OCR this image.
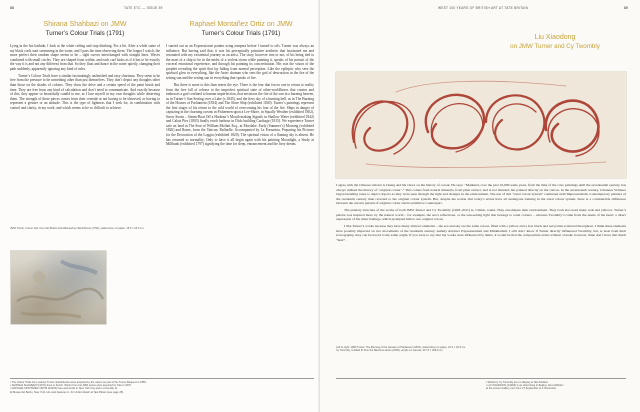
88	TATE ETC — ISSUE 59
Shirana Shahbazi on JMW
Turner’s Colour Trials (1791)

Lying in the hot bathtub, I look at the white ceiling and stop thinking. For a bit. After a while some of my black curls start swimming in the water, and I pass the time observing them. The longer I watch, the more perfect their random shape seems to be – tight curves interchanged with straight lines. Waves combined with small circles. They are shaped from within, and each curl looks as if it has to be exactly the way it is and not any different from that. So they float and dance in the water quietly, changing their path suddenly, apparently ignoring any kind of rules.

Turner’s Colour Trials have a similar fascinatingly unfinished and easy charisma. They seem to be free from the pressure to be something other than just themselves. They don’t depict any thoughts other than those on the shades of colours. They show the drive and a certain speed of the paint brush and time. They are free from any kind of calculation and don’t need to communicate. And exactly because of this, they appear so beautifully candid to me, as I lose myself in my own thoughts while observing them. The strength of these pieces comes from their centrale at not having to be observed, or having to represent a gesture or an attitude. This is the type of lightness that I seek for, in combination with control and clarity, in my work, and which seems to be so difficult to achieve.

JMW Turner, Colour trial, from the Bristol and Malmesbury Sketchbook (1791), watercolour on paper, 16.5 × 28.3 cm
Raphael Montañez Ortiz on JMW
Turner’s Colour Trials (1791)

I started out as an Expressionist painter using tempera before I turned to oils. Turner was always an influence. But having said that, it was his perceptually primitive aesthetic that fascinated me and resonated with my existential journey as an artist. The story, however true or not, of his being tied to the mast of a ship to be in the midst of a violent storm while painting it, speaks of his pursuit of the visceral emotional experience, and through his painting its concretisation. His was the vision of the prophet revealing the spirit that lay hiding from normal perception. Like the epileptic who sees the spiritual glow in everything, like the Aztec shaman who sees the god of destruction in the fire of the setting sun and the setting sun in everything that speaks of fire.

But there is more to this than meets the eye. There is the fear that forces one to return to reality from the free fall of release to the imperfect spiritual state of other-worldliness that creates and embraces a god confined to human imperfection, that envisions the fire of the sun in a burning heaven, as in Turner’s Sun Setting over a Lake (c.1845), and the fiery sky of a burning hell, as in The Burning of the Houses of Parliament (1834) and The Slave Ship (exhibited 1840). Turner’s paintings represent the first stages of his return to the cold world of overcoming his fear of the fire. Ships in danger of capsizing in the churning oceans in Fishermen upon a Lee-Shore, in Squally Weather (exhibited 1802), Snow Storm – Steam-Boat Off a Harbour’s Mouth making Signals in Shallow Water (exhibited 1842) and Calais Pier (1803) finally reach harbour in Dido building Carthage (1815). We experience Turner safe on land in The Seat of William Moffatt Esq., at Mortlake. Early (Summer’s) Morning (exhibited 1826) and Rome, from the Vatican. Raffaelle, Accompanied by La Fornarina, Preparing his Pictures for the Decoration of the Loggia (exhibited 1820). The spiritual vision of a flaming sky is absent. He has returned to normality. Only to have it all begin again with his painting Moonlight, a Study at Millbank (exhibited 1797) signifying the time for sleep, entrancement and the fiery dream.

• The Colour Trials from various Turner sketchbooks were acquired by the nation as part of the Turner Bequest in 1856.
• SHIRANA SHAHBAZI (b1974) lives in Zurich. Works from her ARR series were acquired by Tate in 2007.
• RAPHAEL MONTAÑEZ ORTIZ (b1934) lives and works in New York City and is a founder of
El Museo del Barrio, New York. His work features in ‘Art Under Attack’ at Tate Britain (see page 45).
WEST 100 YEARS OF BRITISH ART AT TATE BRITAIN	89
Liu Xiaodong
on JMW Turner and Cy Twombly

I agree with the Chinese scholar A Cheng and his views on the history of colour. He says: “Mankind, over the past 10,000 some years, from the time of the cave paintings until the seventeenth century, has always utilised the history of ‘original colour’.” This comes from natural minerals, from plant extract, and is not blended, but painted directly on the canvas. In the seventeenth century, Johannes Vermeer began blending tones to depict objects as they were seen through the light and changes in the environment. The use of this “tonal colour system” continued until Impressionism. Contemporary painters of the twentieth century then reverted to the original colour system. But, despite the notion that today’s artists have all undergone training in the tonal colour system, there is a considerable difference between the current pursuit of original colour and its primitive counterpart.

The primary structure of the works of both JMW Turner and Cy Twombly (1928–2011) is, I think, round. They encompass their environment. They both also used many reds and yellows. Turner’s palette was inspired more by the natural world – for example, the sea’s reflections, or the sun-setting light that belongs to tonal colours – whereas Twombly’s came from the needs of his heart: a direct expression of his inner feelings, which prompted him to use original colour.

I like Turner’s works because they have many abstract elements – the sea and sky are the same colour, filled with a yellow and a few black and red points scattered throughout. I think these elements have possibly impacted on two movements of the twentieth century, namely Abstract Expressionism and Minimalism. I still don’t know if Turner directly influenced Twombly, but, at least from their iconography, they can be traced to the same origin. If you were to say that my works were influenced by theirs, it would be that the composition exists without a break; however, mine don’t have that much “heat”.

Left to right: JMW Turner, The Burning of the Houses of Parliament (1834), watercolour on paper, 23.3 × 32.5 cm.
Cy Twombly, Untitled III from the Bacchus series (2005), acrylic on canvas, 317.5 × 468.3 cm
• Works by Cy Twombly are on display at Tate Modern.
• LIU XIAODONG (b1963) is an artist living in Beijing. His exhibition
at the Lisson Gallery runs from 27 September to 2 November.
